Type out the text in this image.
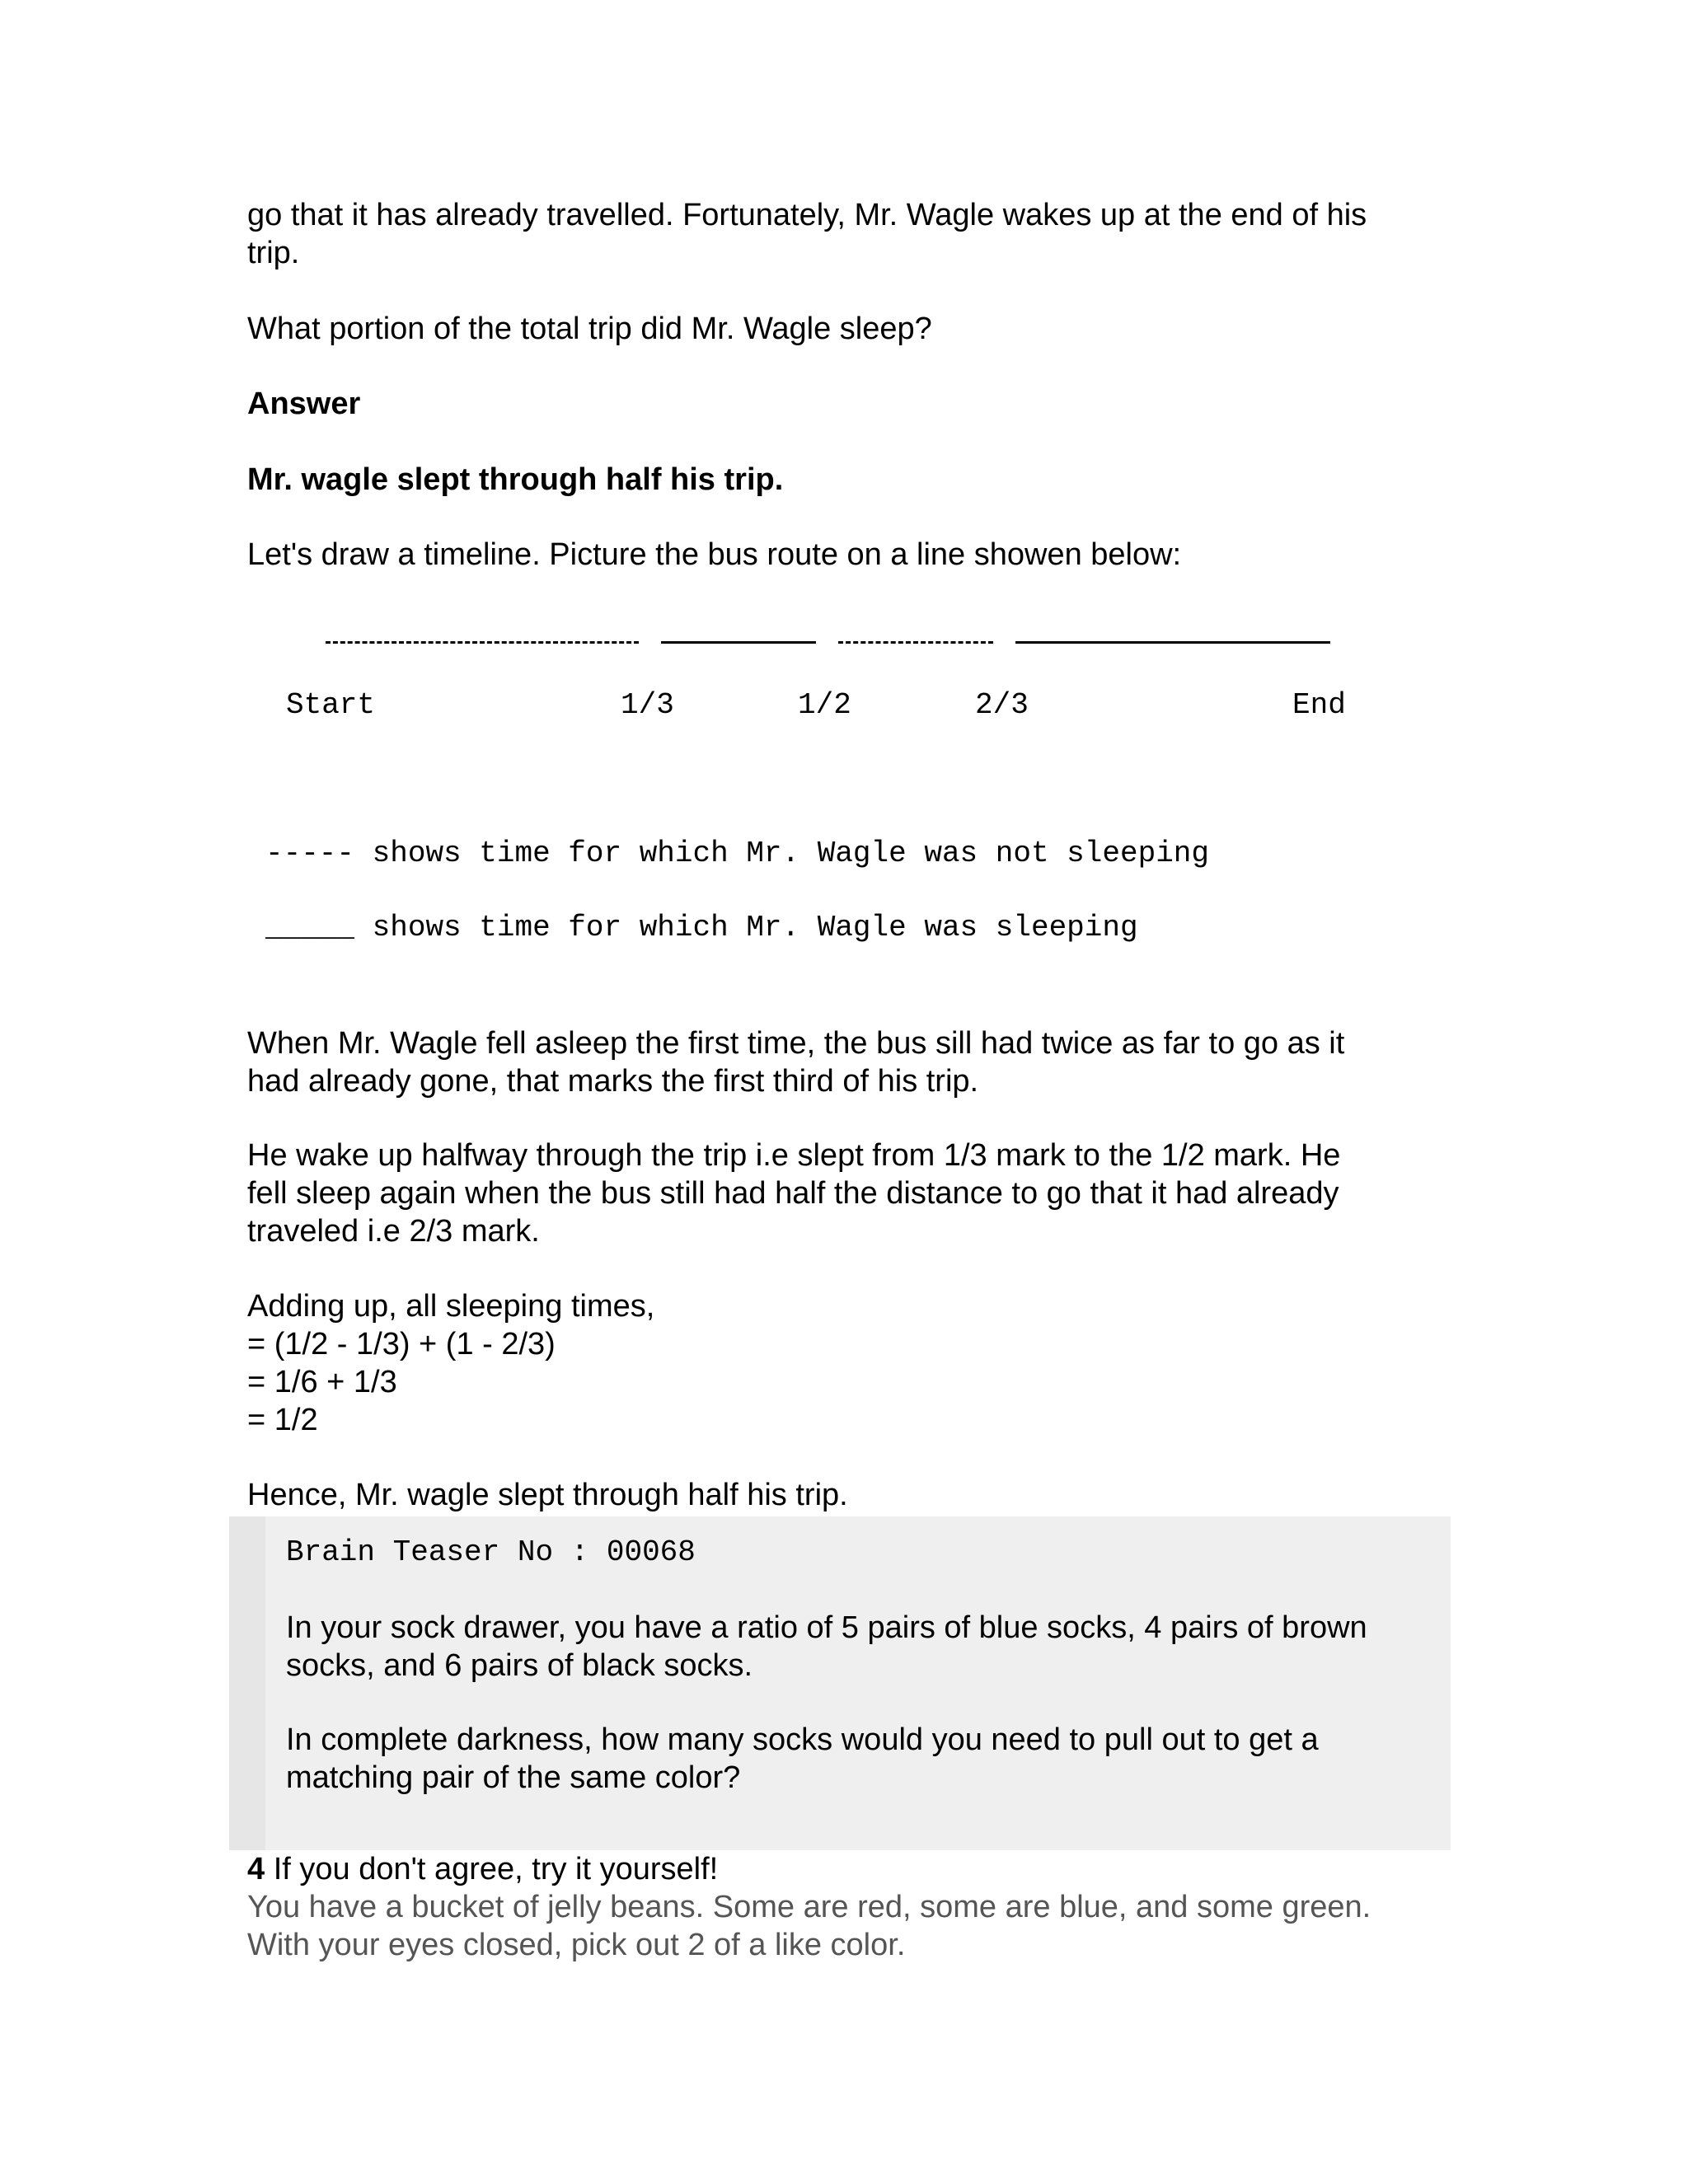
go that it has already travelled. Fortunately, Mr. Wagle wakes up at the end of his
trip.
What portion of the total trip did Mr. Wagle sleep?
Answer
Mr. wagle slept through half his trip.
Let's draw a timeline. Picture the bus route on a line showen below:
Start	1/3	1/2	2/3	End
----- shows time for which Mr. Wagle was not sleeping
_____ shows time for which Mr. Wagle was sleeping
When Mr. Wagle fell asleep the first time, the bus sill had twice as far to go as it
had already gone, that marks the first third of his trip.
He wake up halfway through the trip i.e slept from 1/3 mark to the 1/2 mark. He
fell sleep again when the bus still had half the distance to go that it had already
traveled i.e 2/3 mark.
Adding up, all sleeping times,
= (1/2 - 1/3) + (1 - 2/3)
= 1/6 + 1/3
= 1/2
Hence, Mr. wagle slept through half his trip.
Brain Teaser No : 00068
In your sock drawer, you have a ratio of 5 pairs of blue socks, 4 pairs of brown
socks, and 6 pairs of black socks.
In complete darkness, how many socks would you need to pull out to get a
matching pair of the same color?
4 If you don't agree, try it yourself!
You have a bucket of jelly beans. Some are red, some are blue, and some green.
With your eyes closed, pick out 2 of a like color.
